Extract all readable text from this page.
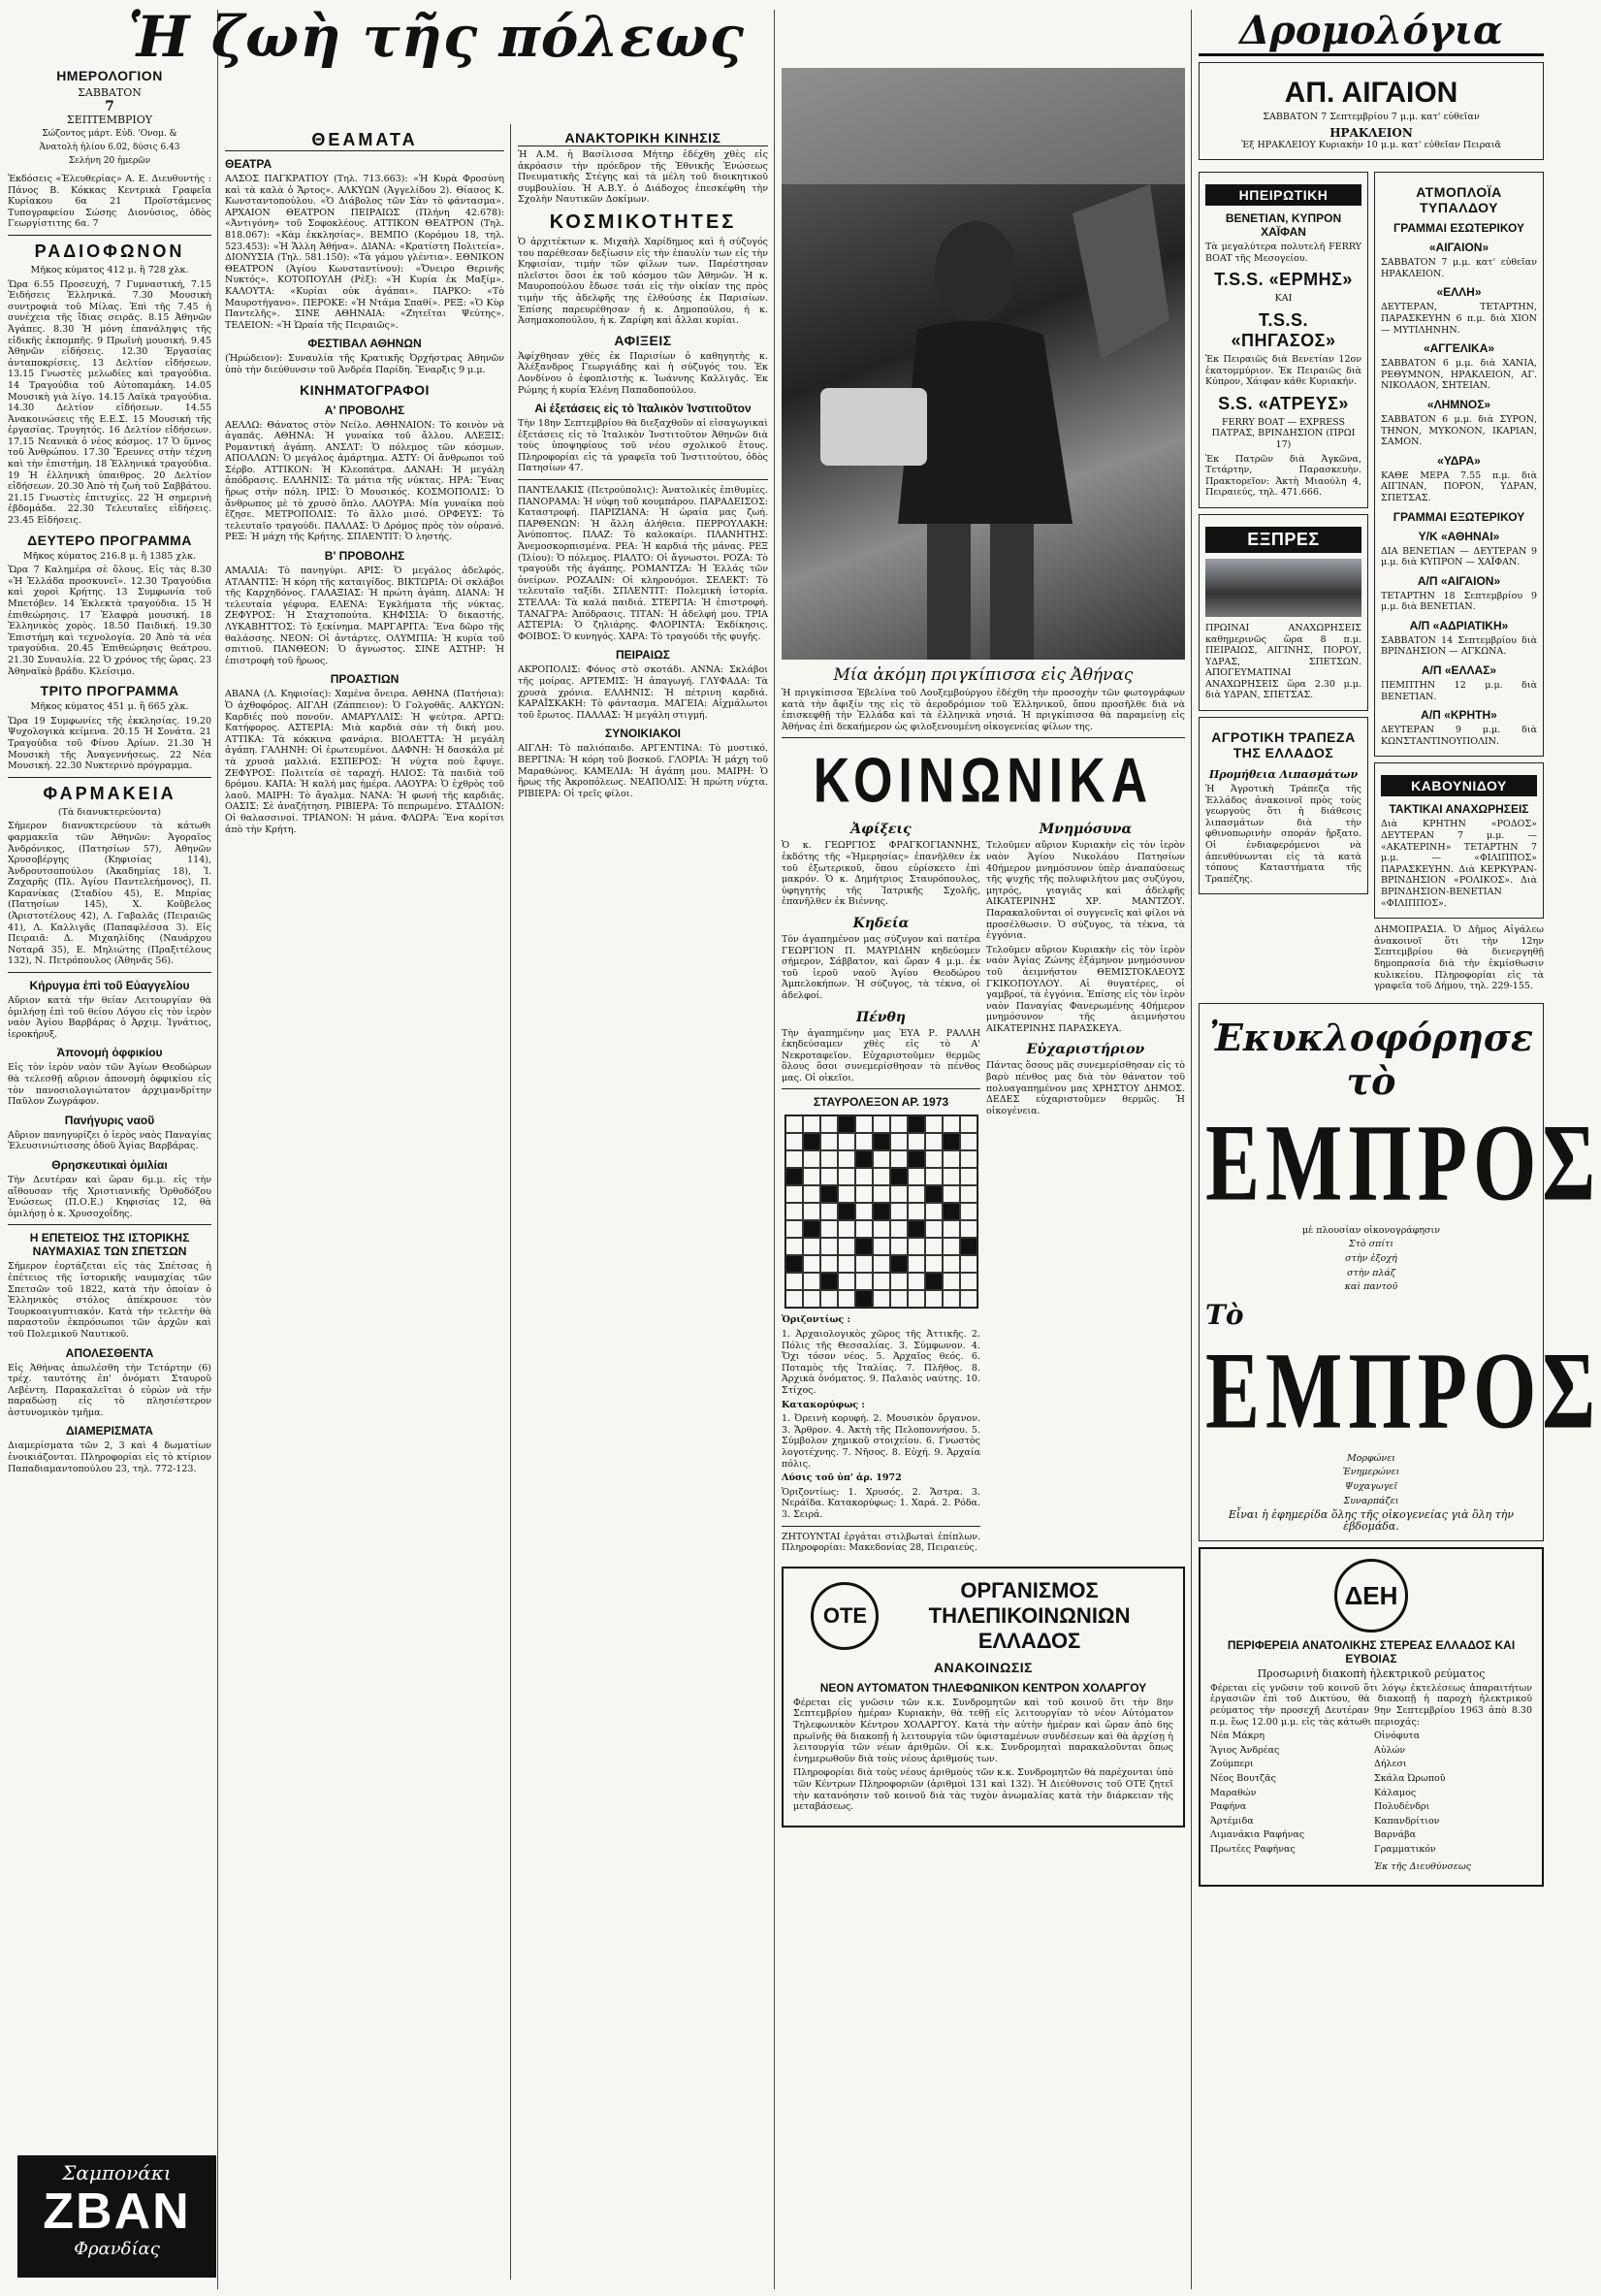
ΗΜΕΡΟΛΟΓΙΟΝ
ΣΑΒΒΑΤΟΝ
7
ΣΕΠΤΕΜΒΡΙΟΥ
Σώζοντος μάρτ. Εὐδ. 'Ονομ. &
Ἀνατολὴ ἡλίου 6.02, δύσις 6.43
Σελήνη 20 ἡμερῶν

Ἐκδόσεις «Ἐλευθερίας» Α. Ε. Διευθυντής : Πάνος Β. Κόκκας Κεντρικὰ Γραφεῖα Κυρίακου 6α 21 Προϊστάμενος Τυπογραφείου Σώσης Διονύσιος, ὁδὸς Γεωργίστιτης 6α. 7

ΡΑΔΙΟΦΩΝΟΝ
Μῆκος κύματος 412 μ. ἢ 728 χλκ.

Ὥρα 6.55 Προσευχή, 7 Γυμναστική, 7.15 Ἐιδήσεις Ἐλληνικά. 7.30 Μουσικὴ συντροφιὰ τοῦ Μίλας. Ἐπὶ τῆς 7.45 ἡ συνέχεια τῆς ἴδιας σειρᾶς. 8.15 Ἀθηνῶν Ἀγάπες. 8.30 Ἡ μόνη ἐπανάληψις τῆς εἰδικῆς ἐκπομπῆς. 9 Πρωϊνὴ μουσική. 9.45 Ἀθηνῶν εἰδήσεις. 12.30 Ἐργασίας ἀνταποκρίσεις. 13 Δελτίον εἰδήσεων. 13.15 Γνωστὲς μελωδίες καὶ τραγούδια. 14 Τραγούδια τοῦ Αὐτοπαμάκη. 14.05 Μουσικὴ γιὰ λίγο. 14.15 Λαϊκὰ τραγούδια. 14.30 Δελτίον εἰδήσεων. 14.55 Ἀνακοινώσεις τῆς Ε.Ε.Σ. 15 Μουσική τῆς ἐργασίας. Τρυγητός. 16 Δελτίον εἰδήσεων. 17.15 Νεανικὰ ὁ νέος κόσμος. 17 Ὁ ὕμνος τοῦ Ἀνθρώπου. 17.30 Ἔρευνες στὴν τέχνη καὶ τὴν ἐπιστήμη. 18 Ἐλληνικά τραγούδια. 19 Ἡ ἐλληνικὴ ὑπαιθρος. 20 Δελτίον εἰδήσεων. 20.30 Ἀπὸ τὴ ζωὴ τοῦ Σαββάτου. 21.15 Γνωστὲς ἐπιτυχίες. 22 Ἡ σημερινὴ ἑβδομάδα. 22.30 Τελευταῖες εἰδήσεις. 23.45 Εἰδήσεις.

ΔΕΥΤΕΡΟ ΠΡΟΓΡΑΜΜΑ
Μῆκος κύματος 216.8 μ. ἢ 1385 χλκ.

Ὥρα 7 Καλημέρα σὲ ὅλους. Εἰς τὰς 8.30 «Ἡ Ἑλλάδα προσκυνεῖ». 12.30 Τραγούδια καὶ χοροὶ Κρήτης. 13 Συμφωνία τοῦ Μπετόβεν. 14 Ἐκλεκτὰ τραγούδια. 15 Ἡ ἐπιθεώρησις. 17 Ἐλαφρὰ μουσική. 18 Ἐλληνικὸς χορὸς. 18.50 Παιδική. 19.30 Ἐπιστήμη καὶ τεχνολογία. 20 Ἀπὸ τὰ νέα τραγούδια. 20.45 Ἐπιθεώρησις θεάτρου. 21.30 Συναυλία. 22 Ὁ χρόνος τῆς ὥρας. 23 Ἀθηναϊκὸ βράδυ. Κλείσιμο.

ΤΡΙΤΟ ΠΡΟΓΡΑΜΜΑ
Μῆκος κύματος 451 μ. ἢ 665 χλκ.

Ὥρα 19 Συμφωνίες τῆς ἐκκλησίας. 19.20 Ψυχολογικὰ κείμενα. 20.15 Ἡ Σονάτα. 21 Τραγούδια τοῦ Φίνου Ἀρίων. 21.30 Ἡ Μουσικὴ τῆς Ἀναγεννήσεως. 22 Νέα Μουσική. 22.30 Νυκτερινὸ πρόγραμμα.

ΦΑΡΜΑΚΕΙΑ
(Τὰ διανυκτερεύοντα)

Σήμερον διανυκτερεύουν τὰ κάτωθι φαρμακεῖα τῶν Ἀθηνῶν: Ἀγοραῖος Ἀνδρόνικος, (Πατησίων 57), Ἀθηνῶν Χρυσοβέργης (Κηφισίας 114), Ἀνδρουτσοπούλου (Ἀκαδημίας 18), Ἰ. Ζαχαρῆς (Πλ. Ἀγίου Παντελεήμονος), Π. Καρανίκας (Σταδίου 45), Ε. Μπρίας (Πατησίων 145), Χ. Κοῦβελος (Ἀριστοτέλους 42), Λ. Γαβαλᾶς (Πειραιῶς 41), Λ. Καλλιγᾶς (Παπαφλέσσα 3). Εἰς Πειραιᾶ: Δ. Μιχαηλίδης (Ναυάρχου Νοταρᾶ 35), Ε. Μηλιώτης (Πραξιτέλους 132), Ν. Πετρόπουλος (Ἀθηνᾶς 56).

Κήρυγμα ἐπὶ τοῦ Εὐαγγελίου

Αὔριον κατὰ τὴν θείαν Λειτουργίαν θὰ ὁμιλήσῃ ἐπὶ τοῦ θείου Λόγου εἰς τὸν ἱερὸν ναὸν Ἁγίου Βαρβάρας ὁ Ἀρχιμ. Ἰγνάτιος, ἱεροκήρυξ.

Ἀπονομὴ ὀφφικίου

Εἰς τὸν ἱερὸν ναὸν τῶν Ἁγίων Θεοδώρων θὰ τελεσθῇ αὔριον ἀπονομὴ ὀφφικίου εἰς τὸν πανοσιολογιώτατον ἀρχιμανδρίτην Παῦλον Ζωγράφον.

Πανήγυρις ναοῦ

Αὔριον πανηγυρίζει ὁ ἱερὸς ναὸς Παναγίας Ἐλευσινιώτισσης ὁδοῦ Ἁγίας Βαρβάρας.

Θρησκευτικαὶ ὁμιλίαι

Τὴν Δευτέραν καὶ ὥραν 6μ.μ. εἰς τὴν αἴθουσαν τῆς Χριστιανικῆς Ὀρθοδόξου Ἑνώσεως (Π.Ο.Ε.) Κηφισίας 12, θὰ ὁμιλήσῃ ὁ κ. Χρυσοχοΐδης.

Η ΕΠΕΤΕΙΟΣ ΤΗΣ ΙΣΤΟΡΙΚΗΣ ΝΑΥΜΑΧΙΑΣ ΤΩΝ ΣΠΕΤΣΩΝ

Σήμερον ἐορτάζεται εἰς τὰς Σπέτσας ἡ ἐπέτειος τῆς ἱστορικῆς ναυμαχίας τῶν Σπετσῶν τοῦ 1822, κατὰ τὴν ὁποίαν ὁ Ἑλληνικὸς στόλος ἀπέκρουσε τὸν Τουρκοαιγυπτιακόν. Κατὰ τὴν τελετὴν θὰ παραστοῦν ἐκπρόσωποι τῶν ἀρχῶν καὶ τοῦ Πολεμικοῦ Ναυτικοῦ.

ΑΠΟΛΕΣΘΕΝΤΑ

Εἰς Ἀθήνας ἀπωλέσθη τὴν Τετάρτην (6) τρέχ. ταυτότης ἐπ' ὀνόματι Σταυροῦ Λεβέντη. Παρακαλεῖται ὁ εὑρὼν νὰ τὴν παραδώσῃ εἰς τὸ πλησιέστερον ἀστυνομικὸν τμῆμα.

ΔΙΑΜΕΡΙΣΜΑΤΑ

Διαμερίσματα τῶν 2, 3 καὶ 4 δωματίων ἐνοικιάζονται. Πληροφορίαι εἰς τὸ κτίριον Παπαδιαμαντοπούλου 23, τηλ. 772-123.

Σαμπονάκι
ZBAN
Φρανδίας
Ἡ ζωὴ τῆς πόλεως
ΘΕΑΜΑΤΑ
ΘΕΑΤΡΑ

ΑΛΣΟΣ ΠΑΓΚΡΑΤΙΟΥ (Τηλ. 713.663): «Ἡ Κυρὰ Φροσύνη καὶ τὰ καλὰ ὁ Ἄρτος». ΑΛΚΥΩΝ (Ἀγγελίδου 2). Θίασος Κ. Κωνσταντοπούλου. «Ὁ Διάβολος τῶν Σὰν τὸ φάντασμα». ΑΡΧΑΙΟΝ ΘΕΑΤΡΟΝ ΠΕΙΡΑΙΩΣ (Πλήνη 42.678): «Ἀντιγόνη» τοῦ Σοφοκλέους. ΑΤΤΙΚΟΝ ΘΕΑΤΡΟΝ (Τηλ. 818.067): «Κὰμ ἐκκλησίας». ΒΕΜΠΟ (Κορόμου 18, τηλ. 523.453): «Ἡ Ἄλλη Ἀθήνα». ΔΙΑΝΑ: «Κρατίστη Πολιτεία». ΔΙΟΝΥΣΙΑ (Τηλ. 581.150): «Τὰ γάμου γλέντια». ΕΘΝΙΚΟΝ ΘΕΑΤΡΟΝ (Ἁγίου Κωνσταντίνου): «Ὄνειρο Θερινῆς Νυκτός». ΚΟΤΟΠΟΥΛΗ (Ρὲξ): «Ἡ Κυρία ἐκ Μαξίμ». ΚΑΛΟΥΤΑ: «Κυρίαι οὐκ ἀγάπαι». ΠΑΡΚΟ: «Τὸ Μαυροτήγανο». ΠΕΡΟΚΕ: «Ἡ Ντάμα Σπαθί». ΡΕΞ: «Ὁ Κὺρ Παντελῆς». ΣΙΝΕ ΑΘΗΝΑΙΑ: «Ζητεῖται Ψεύτης». ΤΕΛΕΙΟΝ: «Ἡ Ὡραία τῆς Πειραιῶς».

ΦΕΣΤΙΒΑΛ ΑΘΗΝΩΝ

(Ἡρώδειον): Συναυλία τῆς Κρατικῆς Ὀρχήστρας Ἀθηνῶν ὑπὸ τὴν διεύθυνσιν τοῦ Ἀνδρέα Παρίδη. Ἔναρξις 9 μ.μ.

ΚΙΝΗΜΑΤΟΓΡΑΦΟΙ
Α' ΠΡΟΒΟΛΗΣ

ΑΕΛΛΩ: Θάνατος στὸν Νείλο. ΑΘΗΝΑΙΟΝ: Τὸ κοινὸν νὰ ἀγαπᾶς. ΑΘΗΝΑ: Ἡ γυναίκα τοῦ ἄλλου. ΑΛΕΞΙΣ: Ρομαντική ἀγάπη. ΑΝΣΛΤ: Ὁ πόλεμος τῶν κόσμων. ΑΠΟΛΛΩΝ: Ὁ μεγάλος ἀμάρτημα. ΑΣΤΥ: Οἱ ἄνθρωποι τοῦ Σέρβο. ΑΤΤΙΚΟΝ: Ἡ Κλεοπάτρα. ΔΑΝΑΗ: Ἡ μεγάλη ἀπόδρασις. ΕΛΛΗΝΙΣ: Τὰ μάτια τῆς νύκτας. ΗΡΑ: Ἕνας ἥρως στὴν πόλη. ΙΡΙΣ: Ὁ Μουσικός. ΚΟΣΜΟΠΟΛΙΣ: Ὁ ἄνθρωπος μὲ τὸ χρυσὸ ὅπλο. ΛΑΟΥΡΑ: Μία γυναίκα ποὺ ἔζησε. ΜΕΤΡΟΠΟΛΙΣ: Τὸ ἄλλο μισό. ΟΡΦΕΥΣ: Τὸ τελευταῖο τραγούδι. ΠΑΛΛΑΣ: Ὁ Δρόμος πρὸς τὸν οὐρανό. ΡΕΞ: Ἡ μάχη τῆς Κρήτης. ΣΠΛΕΝΤΙΤ: Ὁ ληστής.

Β' ΠΡΟΒΟΛΗΣ

ΑΜΑΛΙΑ: Τὸ πανηγύρι. ΑΡΙΣ: Ὁ μεγάλος ἀδελφός. ΑΤΛΑΝΤΙΣ: Ἡ κόρη τῆς καταιγίδος. ΒΙΚΤΩΡΙΑ: Οἱ σκλάβοι τῆς Καρχηδόνος. ΓΑΛΑΞΙΑΣ: Ἡ πρώτη ἀγάπη. ΔΙΑΝΑ: Ἡ τελευταία γέφυρα. ΕΛΕΝΑ: Ἐγκλήματα τῆς νύκτας. ΖΕΦΥΡΟΣ: Ἡ Σταχτοπούτα. ΚΗΦΙΣΙΑ: Ὁ δικαστής. ΛΥΚΑΒΗΤΤΟΣ: Τὸ ξεκίνημα. ΜΑΡΓΑΡΙΤΑ: Ἕνα δῶρο τῆς θαλάσσης. ΝΕΟΝ: Οἱ ἀντάρτες. ΟΛΥΜΠΙΑ: Ἡ κυρία τοῦ σπιτιοῦ. ΠΑΝΘΕΟΝ: Ὁ ἄγνωστος. ΣΙΝΕ ΑΣΤΗΡ: Ἡ ἐπιστροφὴ τοῦ ἥρωος.

ΠΡΟΑΣΤΙΩΝ

ΑΒΑΝΑ (Λ. Κηφισίας): Χαμένα ὄνειρα. ΑΘΗΝΑ (Πατήσια): Ὁ ἀχθοφόρος. ΑΙΓΛΗ (Ζάππειον): Ὁ Γολγοθᾶς. ΑΛΚΥΩΝ: Καρδιές ποὺ πονοῦν. ΑΜΑΡΥΛΛΙΣ: Ἡ ψεύτρα. ΑΡΓΩ: Κατήφορος. ΑΣΤΕΡΙΑ: Μιὰ καρδιὰ σὰν τὴ δική μου. ΑΤΤΙΚΑ: Τὰ κόκκινα φανάρια. ΒΙΟΛΕΤΤΑ: Ἡ μεγάλη ἀγάπη. ΓΑΛΗΝΗ: Οἱ ἐρωτευμένοι. ΔΑΦΝΗ: Ἡ δασκάλα μὲ τὰ χρυσὰ μαλλιά. ΕΣΠΕΡΟΣ: Ἡ νύχτα ποὺ ἔφυγε. ΖΕΦΥΡΟΣ: Πολιτεία σὲ ταραχή. ΗΛΙΟΣ: Τὰ παιδιὰ τοῦ δρόμου. ΚΑΠΑ: Ἡ καλή μας ἡμέρα. ΛΑΟΥΡΑ: Ὁ ἐχθρὸς τοῦ λαοῦ. ΜΑΙΡΗ: Τὸ ἄγαλμα. ΝΑΝΑ: Ἡ φωνή τῆς καρδιᾶς. ΟΑΣΙΣ: Σὲ ἀναζήτηση. ΡΙΒΙΕΡΑ: Τὸ πεπρωμένο. ΣΤΑΔΙΟΝ: Οἱ θαλασσινοί. ΤΡΙΑΝΟΝ: Ἡ μάνα. ΦΛΩΡΑ: Ἕνα κορίτσι ἀπὸ τὴν Κρήτη.

ΑΝΑΚΤΟΡΙΚΗ ΚΙΝΗΣΙΣ

Ἡ Α.Μ. ἡ Βασίλισσα Μήτηρ ἐδέχθη χθὲς εἰς ἀκρόασιν τὴν πρόεδρον τῆς Ἐθνικῆς Ἑνώσεως Πνευματικῆς Στέγης καὶ τὰ μέλη τοῦ διοικητικοῦ συμβουλίου. Ἡ Α.Β.Υ. ὁ Διάδοχος ἐπεσκέφθη τὴν Σχολὴν Ναυτικῶν Δοκίμων.

ΚΟΣΜΙΚΟΤΗΤΕΣ

Ὁ ἀρχιτέκτων κ. Μιχαὴλ Χαρίδημος καὶ ἡ σύζυγός του παρέθεσαν δεξίωσιν εἰς τὴν ἐπαυλίν των εἰς τὴν Κηφισίαν, τιμὴν τῶν φίλων των. Παρέστησαν πλεῖστοι ὅσοι ἐκ τοῦ κόσμου τῶν Ἀθηνῶν. Ἡ κ. Μαυροπούλου ἔδωσε τσάι εἰς τὴν οἰκίαν της πρὸς τιμὴν τῆς ἀδελφῆς της ἐλθούσης ἐκ Παρισίων. Ἐπίσης παρευρέθησαν ἡ κ. Δημοπούλου, ἡ κ. Ἀσημακοπούλου, ἡ κ. Ζαρίφη καὶ ἄλλαι κυρίαι.

ΑΦΙΞΕΙΣ

Ἀφίχθησαν χθὲς ἐκ Παρισίων ὁ καθηγητὴς κ. Ἀλέξανδρος Γεωργιάδης καὶ ἡ σύζυγός του. Ἐκ Λονδίνου ὁ ἐφοπλιστὴς κ. Ἰωάννης Καλλιγᾶς. Ἐκ Ρώμης ἡ κυρία Ἑλένη Παπαδοπούλου.

Αἱ ἐξετάσεις εἰς τὸ Ἰταλικὸν Ἰνστιτοῦτον

Τὴν 18ην Σεπτεμβρίου θὰ διεξαχθοῦν αἱ εἰσαγωγικαὶ ἐξετάσεις εἰς τὸ Ἰταλικὸν Ἰνστιτοῦτον Ἀθηνῶν διὰ τοὺς ὑποψηφίους τοῦ νέου σχολικοῦ ἔτους. Πληροφορίαι εἰς τὰ γραφεῖα τοῦ Ἰνστιτούτου, ὁδὸς Πατησίων 47.

ΠΑΝΤΕΛΑΚΙΣ (Πετρούπολις): Ἀνατολικὲς ἐπιθυμίες. ΠΑΝΟΡΑΜΑ: Ἡ νύφη τοῦ κουμπάρου. ΠΑΡΑΔΕΙΣΟΣ: Καταστροφή. ΠΑΡΙΖΙΑΝΑ: Ἡ ὡραία μας ζωή. ΠΑΡΘΕΝΩΝ: Ἡ ἄλλη ἀλήθεια. ΠΕΡΡΟΥΛΑΚΗ: Ἀνύποπτος. ΠΛΑΖ: Τὸ καλοκαίρι. ΠΛΑΝΗΤΗΣ: Ἀνεμοσκορπισμένα. ΡΕΑ: Ἡ καρδιά τῆς μάνας. ΡΕΞ (Ἰλίου): Ὁ πόλεμος. ΡΙΑΛΤΟ: Οἱ ἄγνωστοι. ΡΟΖΑ: Τὸ τραγούδι τῆς ἀγάπης. ΡΟΜΑΝΤΖΑ: Ἡ Ἑλλάς τῶν ὀνείρων. ΡΟΖΑΛΙΝ: Οἱ κληρονόμοι. ΣΕΛΕΚΤ: Τὸ τελευταῖο ταξίδι. ΣΠΛΕΝΤΙΤ: Πολεμικὴ ἱστορία. ΣΤΕΛΛΑ: Τὰ καλά παιδιά. ΣΤΕΡΓΙΑ: Ἡ ἐπιστροφή. ΤΑΝΑΓΡΑ: Ἀπόδρασις. ΤΙΤΑΝ: Ἡ ἀδελφή μου. ΤΡΙΑ ΑΣΤΕΡΙΑ: Ὁ ζηλιάρης. ΦΛΟΡΙΝΤΑ: Ἐκδίκησις. ΦΟΙΒΟΣ: Ὁ κυνηγός. ΧΑΡΑ: Τὸ τραγούδι τῆς φυγῆς.

ΠΕΙΡΑΙΩΣ

ΑΚΡΟΠΟΛΙΣ: Φόνος στὸ σκοτάδι. ΑΝΝΑ: Σκλάβοι τῆς μοίρας. ΑΡΤΕΜΙΣ: Ἡ ἀπαγωγή. ΓΛΥΦΑΔΑ: Τὰ χρυσὰ χρόνια. ΕΛΛΗΝΙΣ: Ἡ πέτρινη καρδιά. ΚΑΡΑΪΣΚΑΚΗ: Τὸ φάντασμα. ΜΑΓΕΙΑ: Αἰχμάλωτοι τοῦ ἔρωτος. ΠΑΛΛΑΣ: Ἡ μεγάλη στιγμή.

ΣΥΝΟΙΚΙΑΚΟΙ

ΑΙΓΛΗ: Τὸ παλιόπαιδο. ΑΡΓΕΝΤΙΝΑ: Τὸ μυστικό. ΒΕΡΓΙΝΑ: Ἡ κόρη τοῦ βοσκοῦ. ΓΛΟΡΙΑ: Ἡ μάχη τοῦ Μαραθώνος. ΚΑΜΕΛΙΑ: Ἡ ἀγάπη μου. ΜΑΙΡΗ: Ὁ ἥρως τῆς Ἀκροπόλεως. ΝΕΑΠΟΛΙΣ: Ἡ πρώτη νύχτα. ΡΙΒΙΕΡΑ: Οἱ τρεῖς φίλοι.

Μία ἀκόμη πριγκίπισσα εἰς Ἀθήνας

Ἡ πριγκίπισσα Ἐβελίνα τοῦ Λουξεμβούργου ἐδέχθη τὴν προσοχὴν τῶν φωτογράφων κατὰ τὴν ἄφιξίν της εἰς τὸ ἀεροδρόμιον τοῦ Ἑλληνικοῦ, ὅπου προσῆλθε διὰ νὰ ἐπισκεφθῇ τὴν Ἑλλάδα καὶ τὰ ἑλληνικὰ νησιά. Ἡ πριγκίπισσα θὰ παραμείνῃ εἰς Ἀθήνας ἐπὶ δεκαήμερον ὡς φιλοξενουμένη οἰκογενείας φίλων της.

ΚΟΙΝΩΝΙΚΑ
Ἀφίξεις

Ὁ κ. ΓΕΩΡΓΙΟΣ ΦΡΑΓΚΟΓΙΑΝΝΗΣ, ἐκδότης τῆς «Ἡμερησίας» ἐπανῆλθεν ἐκ τοῦ ἐξωτερικοῦ, ὅπου εὑρίσκετο ἐπὶ μακρόν. Ὁ κ. Δημήτριος Σταυρόπουλος, ὑφηγητὴς τῆς Ἰατρικῆς Σχολῆς, ἐπανῆλθεν ἐκ Βιέννης.

Κηδεία

Τὸν ἀγαπημένον μας σύζυγον καὶ πατέρα ΓΕΩΡΓΙΟΝ Π. ΜΑΥΡΙΔΗΝ κηδεύομεν σήμερον, Σάββατον, καὶ ὥραν 4 μ.μ. ἐκ τοῦ ἱεροῦ ναοῦ Ἁγίου Θεοδώρου Ἀμπελοκήπων. Ἡ σύζυγος, τὰ τέκνα, οἱ ἀδελφοί.

Πένθη

Τὴν ἀγαπημένην μας ἘΥΑ Ρ. ΡΑΛΛΗ ἐκηδεύσαμεν χθὲς εἰς τὸ Α' Νεκροταφεῖον. Εὐχαριστοῦμεν θερμῶς ὅλους ὅσοι συνεμερίσθησαν τὸ πένθος μας. Οἱ οἰκεῖοι.

ΣΤΑΥΡΟΛΕΞΟΝ ΑΡ. 1973
Ὁριζοντίως :

1. Ἀρχαιολογικὸς χῶρος τῆς Ἀττικῆς. 2. Πόλις τῆς Θεσσαλίας. 3. Σύμφωνον. 4. Ὄχι τόσον νέος. 5. Ἀρχαῖος θεός. 6. Ποταμὸς τῆς Ἰταλίας. 7. Πλῆθος. 8. Ἀρχικὰ ὀνόματος. 9. Παλαιὸς ναύτης. 10. Στίχος.

Κατακορύφως :

1. Ὀρεινὴ κορυφή. 2. Μουσικὸν ὄργανον. 3. Ἄρθρον. 4. Ἀκτὴ τῆς Πελοποννήσου. 5. Σύμβολον χημικοῦ στοιχείου. 6. Γνωστὸς λογοτέχνης. 7. Νῆσος. 8. Εὐχή. 9. Ἀρχαία πόλις.

Λύσις τοῦ ὑπ' ἀρ. 1972

Ὁριζοντίως: 1. Χρυσός. 2. Ἄστρα. 3. Νεράϊδα. Κατακορύφως: 1. Χαρά. 2. Ρόδα. 3. Σειρά.

ΖΗΤΟΥΝΤΑΙ ἐργάται στιλβωταὶ ἐπίπλων. Πληροφορίαι: Μακεδονίας 28, Πειραιεύς.

Μνημόσυνα

Τελοῦμεν αὔριον Κυριακὴν εἰς τὸν ἱερὸν ναὸν Ἁγίου Νικολάου Πατησίων 40ήμερον μνημόσυνον ὑπὲρ ἀναπαύσεως τῆς ψυχῆς τῆς πολυφιλήτου μας συζύγου, μητρός, γιαγιᾶς καὶ ἀδελφῆς ΑΙΚΑΤΕΡΙΝΗΣ ΧΡ. ΜΑΝΤΖΟΥ. Παρακαλοῦνται οἱ συγγενεῖς καὶ φίλοι νὰ προσέλθωσιν. Ὁ σύζυγος, τὰ τέκνα, τὰ ἐγγόνια.

Τελοῦμεν αὔριον Κυριακὴν εἰς τὸν ἱερὸν ναὸν Ἁγίας Ζώνης ἑξάμηνον μνημόσυνον τοῦ ἀειμνήστου ΘΕΜΙΣΤΟΚΛΕΟΥΣ ΓΚΙΚΟΠΟΥΛΟΥ. Αἱ θυγατέρες, οἱ γαμβροί, τὰ ἐγγόνια. Ἐπίσης εἰς τὸν ἱερὸν ναὸν Παναγίας Φανερωμένης 40ήμερον μνημόσυνον τῆς ἀειμνήστου ΑΙΚΑΤΕΡΙΝΗΣ ΠΑΡΑΣΚΕΥΑ.

Εὐχαριστήριον

Πάντας ὅσους μᾶς συνεμερίσθησαν εἰς τὸ βαρὺ πένθος μας διὰ τὸν θάνατον τοῦ πολυαγαπημένου μας ΧΡΗΣΤΟΥ ΔΗΜΟΣ. ΔΕΔΕΣ εὐχαριστοῦμεν θερμῶς. Ἡ οἰκογένεια.

ΟΤΕ ΟΡΓΑΝΙΣΜΟΣ ΤΗΛΕΠΙΚΟΙΝΩΝΙΩΝ ΕΛΛΑΔΟΣ
ΑΝΑΚΟΙΝΩΣΙΣ
ΝΕΟΝ ΑΥΤΟΜΑΤΟΝ ΤΗΛΕΦΩΝΙΚΟΝ ΚΕΝΤΡΟΝ ΧΟΛΑΡΓΟΥ

Φέρεται εἰς γνῶσιν τῶν κ.κ. Συνδρομητῶν καὶ τοῦ κοινοῦ ὅτι τὴν 8ην Σεπτεμβρίου ἡμέραν Κυριακὴν, θὰ τεθῇ εἰς λειτουργίαν τὸ νέον Αὐτόματον Τηλεφωνικὸν Κέντρον ΧΟΛΑΡΓΟΥ. Κατὰ τὴν αὐτὴν ἡμέραν καὶ ὥραν ἀπὸ 6ης πρωϊνῆς θὰ διακοπῇ ἡ λειτουργία τῶν ὑφισταμένων συνδέσεων καὶ θὰ ἀρχίσῃ ἡ λειτουργία τῶν νέων ἀριθμῶν. Οἱ κ.κ. Συνδρομηταὶ παρακαλοῦνται ὅπως ἐνημερωθοῦν διὰ τοὺς νέους ἀριθμούς των.

Πληροφορίαι διὰ τοὺς νέους ἀριθμοὺς τῶν κ.κ. Συνδρομητῶν θὰ παρέχονται ὑπὸ τῶν Κέντρων Πληροφοριῶν (ἀριθμοὶ 131 καὶ 132). Ἡ Διεύθυνσις τοῦ ΟΤΕ ζητεῖ τὴν κατανόησιν τοῦ κοινοῦ διὰ τὰς τυχὸν ἀνωμαλίας κατὰ τὴν διάρκειαν τῆς μεταβάσεως.

Δρομολόγια
ΑΠ. ΑΙΓΑΙΟΝ
ΣΑΒΒΑΤΟΝ 7 Σεπτεμβρίου 7 μ.μ. κατ' εὐθεῖαν
ΗΡΑΚΛΕΙΟΝ
Ἐξ ΗΡΑΚΛΕΙΟΥ Κυριακὴν 10 μ.μ. κατ' εὐθεῖαν Πειραιᾶ
ΗΠΕΙΡΩΤΙΚΗ
ΒΕΝΕΤΙΑΝ, ΚΥΠΡΟΝ ΧΑΪΦΑΝ

Τὰ μεγαλύτερα πολυτελῆ FERRY BOAT τῆς Μεσογείου.

T.S.S. «ΕΡΜΗΣ»
ΚΑΙ
T.S.S. «ΠΗΓΑΣΟΣ»

Ἐκ Πειραιῶς διὰ Βενετίαν 12ον ἑκατομμύριον. Ἐκ Πειραιῶς διὰ Κύπρον, Χάιφαν κάθε Κυριακήν.

S.S. «ΑΤΡΕΥΣ»
FERRY BOAT — EXPRESS ΠΑΤΡΑΣ, ΒΡΙΝΔΗΣΙΟΝ (ΠΡΩΙ 17)

Ἐκ Πατρῶν διὰ Ἀγκῶνα, Τετάρτην, Παρασκευὴν. Πρακτορεῖον: Ἀκτὴ Μιαούλη 4, Πειραιεύς, τηλ. 471.666.

ΕΞΠΡΕΣ

ΠΡΩΙΝΑΙ ΑΝΑΧΩΡΗΣΕΙΣ καθημερινῶς ὥρα 8 π.μ. ΠΕΙΡΑΙΩΣ, ΑΙΓΙΝΗΣ, ΠΟΡΟΥ, ΥΔΡΑΣ, ΣΠΕΤΣΩΝ. ΑΠΟΓΕΥΜΑΤΙΝΑΙ ΑΝΑΧΩΡΗΣΕΙΣ ὥρα 2.30 μ.μ. διὰ ΥΔΡΑΝ, ΣΠΕΤΣΑΣ.

ΑΓΡΟΤΙΚΗ ΤΡΑΠΕΖΑ ΤΗΣ ΕΛΛΑΔΟΣ
Προμήθεια Λιπασμάτων

Ἡ Ἀγροτικὴ Τράπεζα τῆς Ἑλλάδος ἀνακοινοῖ πρὸς τοὺς γεωργοὺς ὅτι ἡ διάθεσις λιπασμάτων διὰ τὴν φθινοπωρινὴν σποράν ἤρξατο. Οἱ ἐνδιαφερόμενοι νὰ ἀπευθύνωνται εἰς τὰ κατὰ τόπους Καταστήματα τῆς Τραπέζης.

ΑΤΜΟΠΛΟΪΑ ΤΥΠΑΛΔΟΥ
ΓΡΑΜΜΑΙ ΕΣΩΤΕΡΙΚΟΥ
«ΑΙΓΑΙΟΝ»

ΣΑΒΒΑΤΟΝ 7 μ.μ. κατ' εὐθεῖαν ΗΡΑΚΛΕΙΟΝ.

«ΕΛΛΗ»

ΔΕΥΤΕΡΑΝ, ΤΕΤΑΡΤΗΝ, ΠΑΡΑΣΚΕΥΗΝ 6 π.μ. διὰ ΧΙΟΝ — ΜΥΤΙΛΗΝΗΝ.

«ΑΓΓΕΛΙΚΑ»

ΣΑΒΒΑΤΟΝ 6 μ.μ. διὰ ΧΑΝΙΑ, ΡΕΘΥΜΝΟΝ, ΗΡΑΚΛΕΙΟΝ, ΑΓ. ΝΙΚΟΛΑΟΝ, ΣΗΤΕΙΑΝ.

«ΛΗΜΝΟΣ»

ΣΑΒΒΑΤΟΝ 6 μ.μ. διὰ ΣΥΡΟΝ, ΤΗΝΟΝ, ΜΥΚΟΝΟΝ, ΙΚΑΡΙΑΝ, ΣΑΜΟΝ.

«ΥΔΡΑ»

ΚΑΘΕ ΜΕΡΑ 7.55 π.μ. διὰ ΑΙΓΙΝΑΝ, ΠΟΡΟΝ, ΥΔΡΑΝ, ΣΠΕΤΣΑΣ.

ΓΡΑΜΜΑΙ ΕΞΩΤΕΡΙΚΟΥ
Υ/Κ «ΑΘΗΝΑΙ»

ΔΙΑ ΒΕΝΕΤΙΑΝ — ΔΕΥΤΕΡΑΝ 9 μ.μ. διὰ ΚΥΠΡΟΝ — ΧΑΪΦΑΝ.

Α/Π «ΑΙΓΑΙΟΝ»

ΤΕΤΑΡΤΗΝ 18 Σεπτεμβρίου 9 μ.μ. διὰ ΒΕΝΕΤΙΑΝ.

Α/Π «ΑΔΡΙΑΤΙΚΗ»

ΣΑΒΒΑΤΟΝ 14 Σεπτεμβρίου διὰ ΒΡΙΝΔΗΣΙΟΝ — ΑΓΚΩΝΑ.

Α/Π «ΕΛΛΑΣ»

ΠΕΜΠΤΗΝ 12 μ.μ. διὰ ΒΕΝΕΤΙΑΝ.

Α/Π «ΚΡΗΤΗ»

ΔΕΥΤΕΡΑΝ 9 μ.μ. διὰ ΚΩΝΣΤΑΝΤΙΝΟΥΠΟΛΙΝ.

ΚΑΒΟΥΝΙΔΟΥ
ΤΑΚΤΙΚΑΙ ΑΝΑΧΩΡΗΣΕΙΣ

Διὰ ΚΡΗΤΗΝ «ΡΟΔΟΣ» ΔΕΥΤΕΡΑΝ 7 μ.μ. — «ΑΚΑΤΕΡΙΝΗ» ΤΕΤΑΡΤΗΝ 7 μ.μ. — «ΦΙΛΙΠΠΟΣ» ΠΑΡΑΣΚΕΥΗΝ. Διὰ ΚΕΡΚΥΡΑΝ-ΒΡΙΝΔΗΣΙΟΝ «ΡΟΛΙΚΟΣ». Διὰ ΒΡΙΝΔΗΣΙΟΝ-ΒΕΝΕΤΙΑΝ «ΦΙΛΙΠΠΟΣ».

ΔΗΜΟΠΡΑΣΙΑ. Ὁ Δῆμος Αἰγάλεω ἀνακοινοῖ ὅτι τὴν 12ην Σεπτεμβρίου θὰ διενεργηθῇ δημοπρασία διὰ τὴν ἐκμίσθωσιν κυλικείου. Πληροφορίαι εἰς τὰ γραφεῖα τοῦ Δήμου, τηλ. 229-155.

Ἐκυκλοφόρησε τὸ
ΕΜΠΡΟΣ
μὲ πλουσίαν οἰκονογράφησιν
Στὸ σπίτι
στὴν ἐξοχή
στὴν πλάζ
καὶ παντοῦ
Τὸ
ΕΜΠΡΟΣ
Μορφώνει
Ἐνημερώνει
Ψυχαγωγεῖ
Συναρπάζει
Εἶναι ἡ ἐφημερίδα ὅλης τῆς οἰκογενείας γιὰ ὅλη τὴν ἑβδομάδα.
ΔΕΗ
ΠΕΡΙΦΕΡΕΙΑ ΑΝΑΤΟΛΙΚΗΣ ΣΤΕΡΕΑΣ ΕΛΛΑΔΟΣ ΚΑΙ ΕΥΒΟΙΑΣ
Προσωρινὴ διακοπὴ ἠλεκτρικοῦ ρεύματος

Φέρεται εἰς γνῶσιν τοῦ κοινοῦ ὅτι λόγῳ ἐκτελέσεως ἀπαραιτήτων ἐργασιῶν ἐπὶ τοῦ Δικτύου, θὰ διακοπῇ ἡ παροχὴ ἠλεκτρικοῦ ρεύματος τὴν προσεχῆ Δευτέραν 9ην Σεπτεμβρίου 1963 ἀπὸ 8.30 π.μ. ἕως 12.00 μ.μ. εἰς τὰς κάτωθι περιοχάς:

Νέα Μάκρη
Ἅγιος Ἀνδρέας
Ζούμπερι
Νέος Βουτζᾶς
Μαραθών
Ραφήνα
Ἀρτέμιδα
Λιμανάκια Ραφήνας
Πρωτέες Ραφήνας
Οἰνόφυτα
Αὐλών
Δήλεσι
Σκάλα Ὠρωποῦ
Κάλαμος
Πολυδένδρι
Καπανδρίτιον
Βαρνάβα
Γραμματικόν
Ἐκ τῆς Διευθύνσεως
